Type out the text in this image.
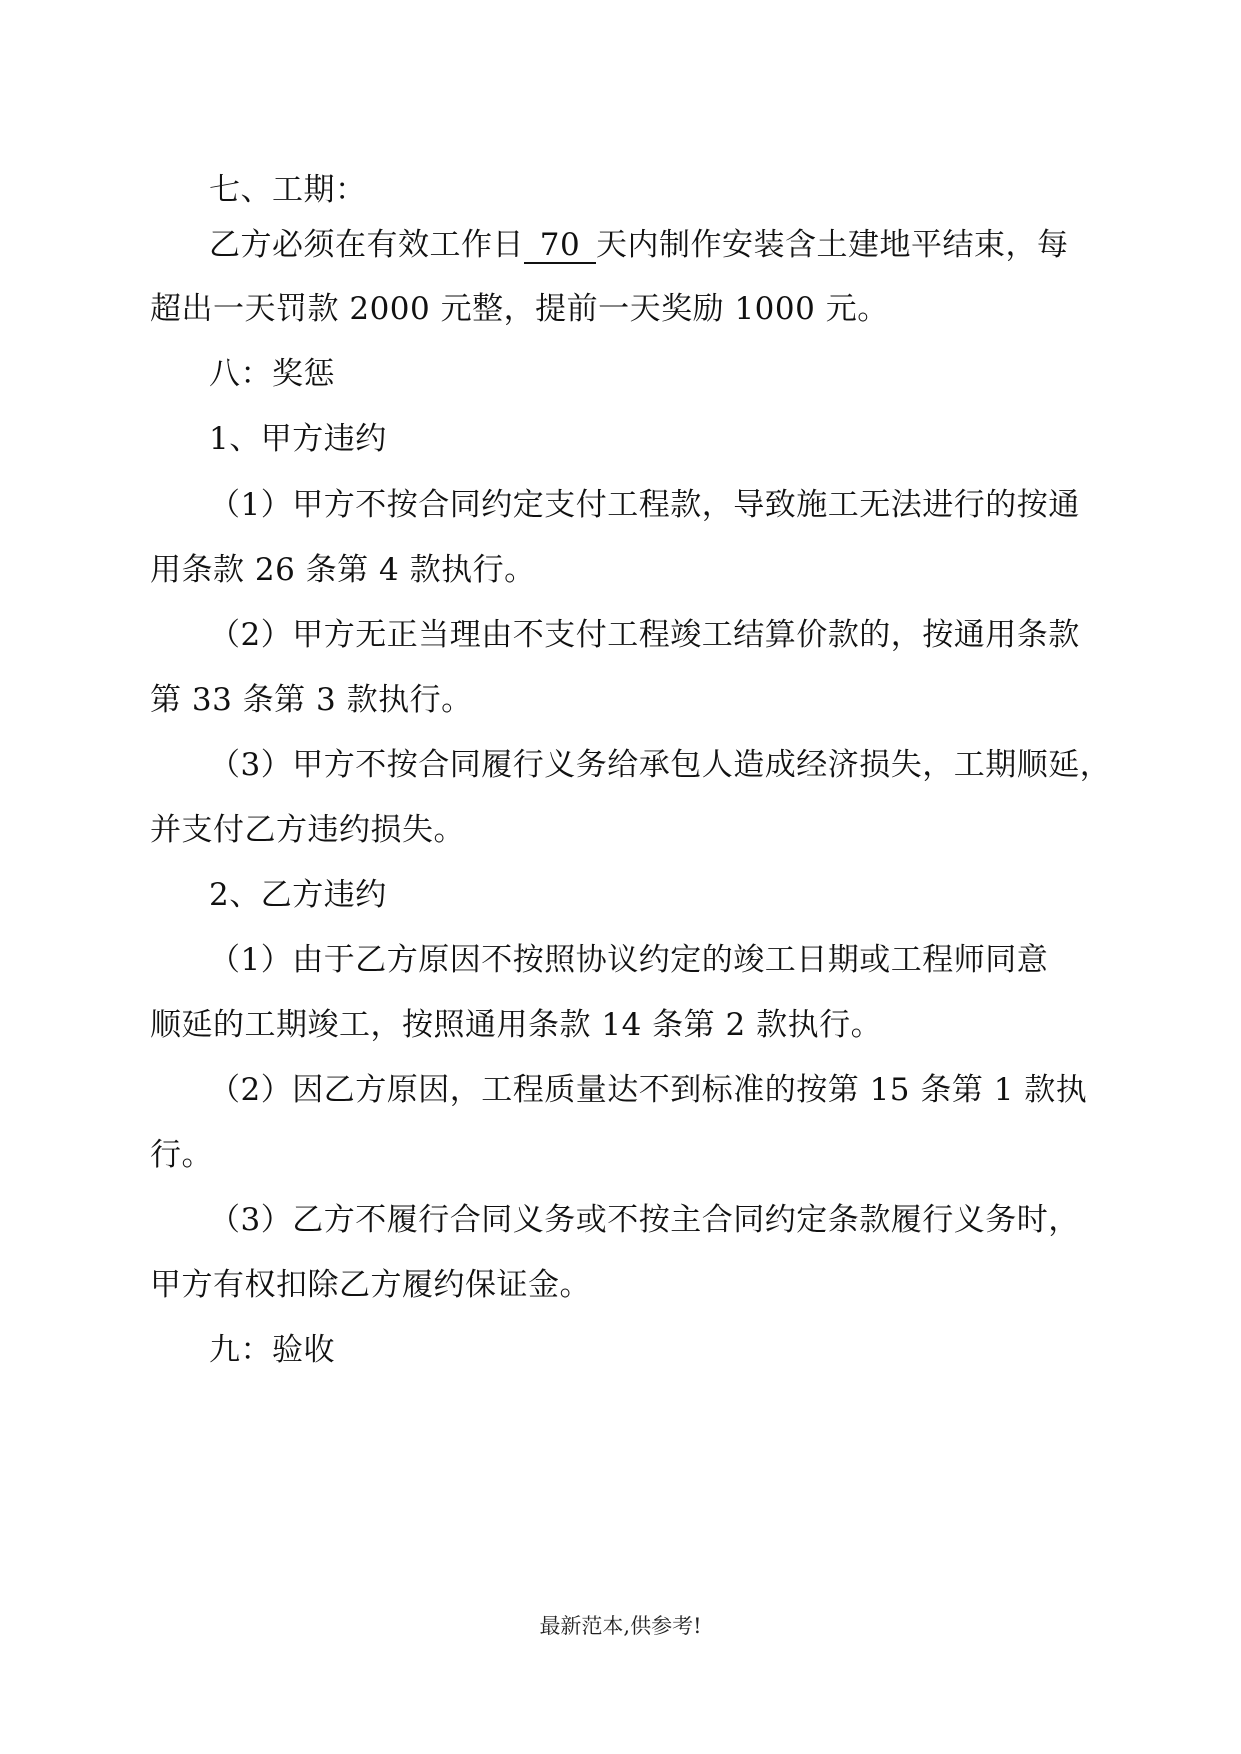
七、工期：
乙方必须在有效工作日 70 天内制作安装含土建地平结束，每
超出一天罚款 2000 元整，提前一天奖励 1000 元。
八：奖惩
1、甲方违约
（1）甲方不按合同约定支付工程款，导致施工无法进行的按通
用条款 26 条第 4 款执行。
（2）甲方无正当理由不支付工程竣工结算价款的，按通用条款
第 33 条第 3 款执行。
（3）甲方不按合同履行义务给承包人造成经济损失，工期顺延，
并支付乙方违约损失。
2、乙方违约
（1）由于乙方原因不按照协议约定的竣工日期或工程师同意
顺延的工期竣工，按照通用条款 14 条第 2 款执行。
（2）因乙方原因，工程质量达不到标准的按第 15 条第 1 款执
行。
（3）乙方不履行合同义务或不按主合同约定条款履行义务时，
甲方有权扣除乙方履约保证金。
九：验收
最新范本,供参考!
